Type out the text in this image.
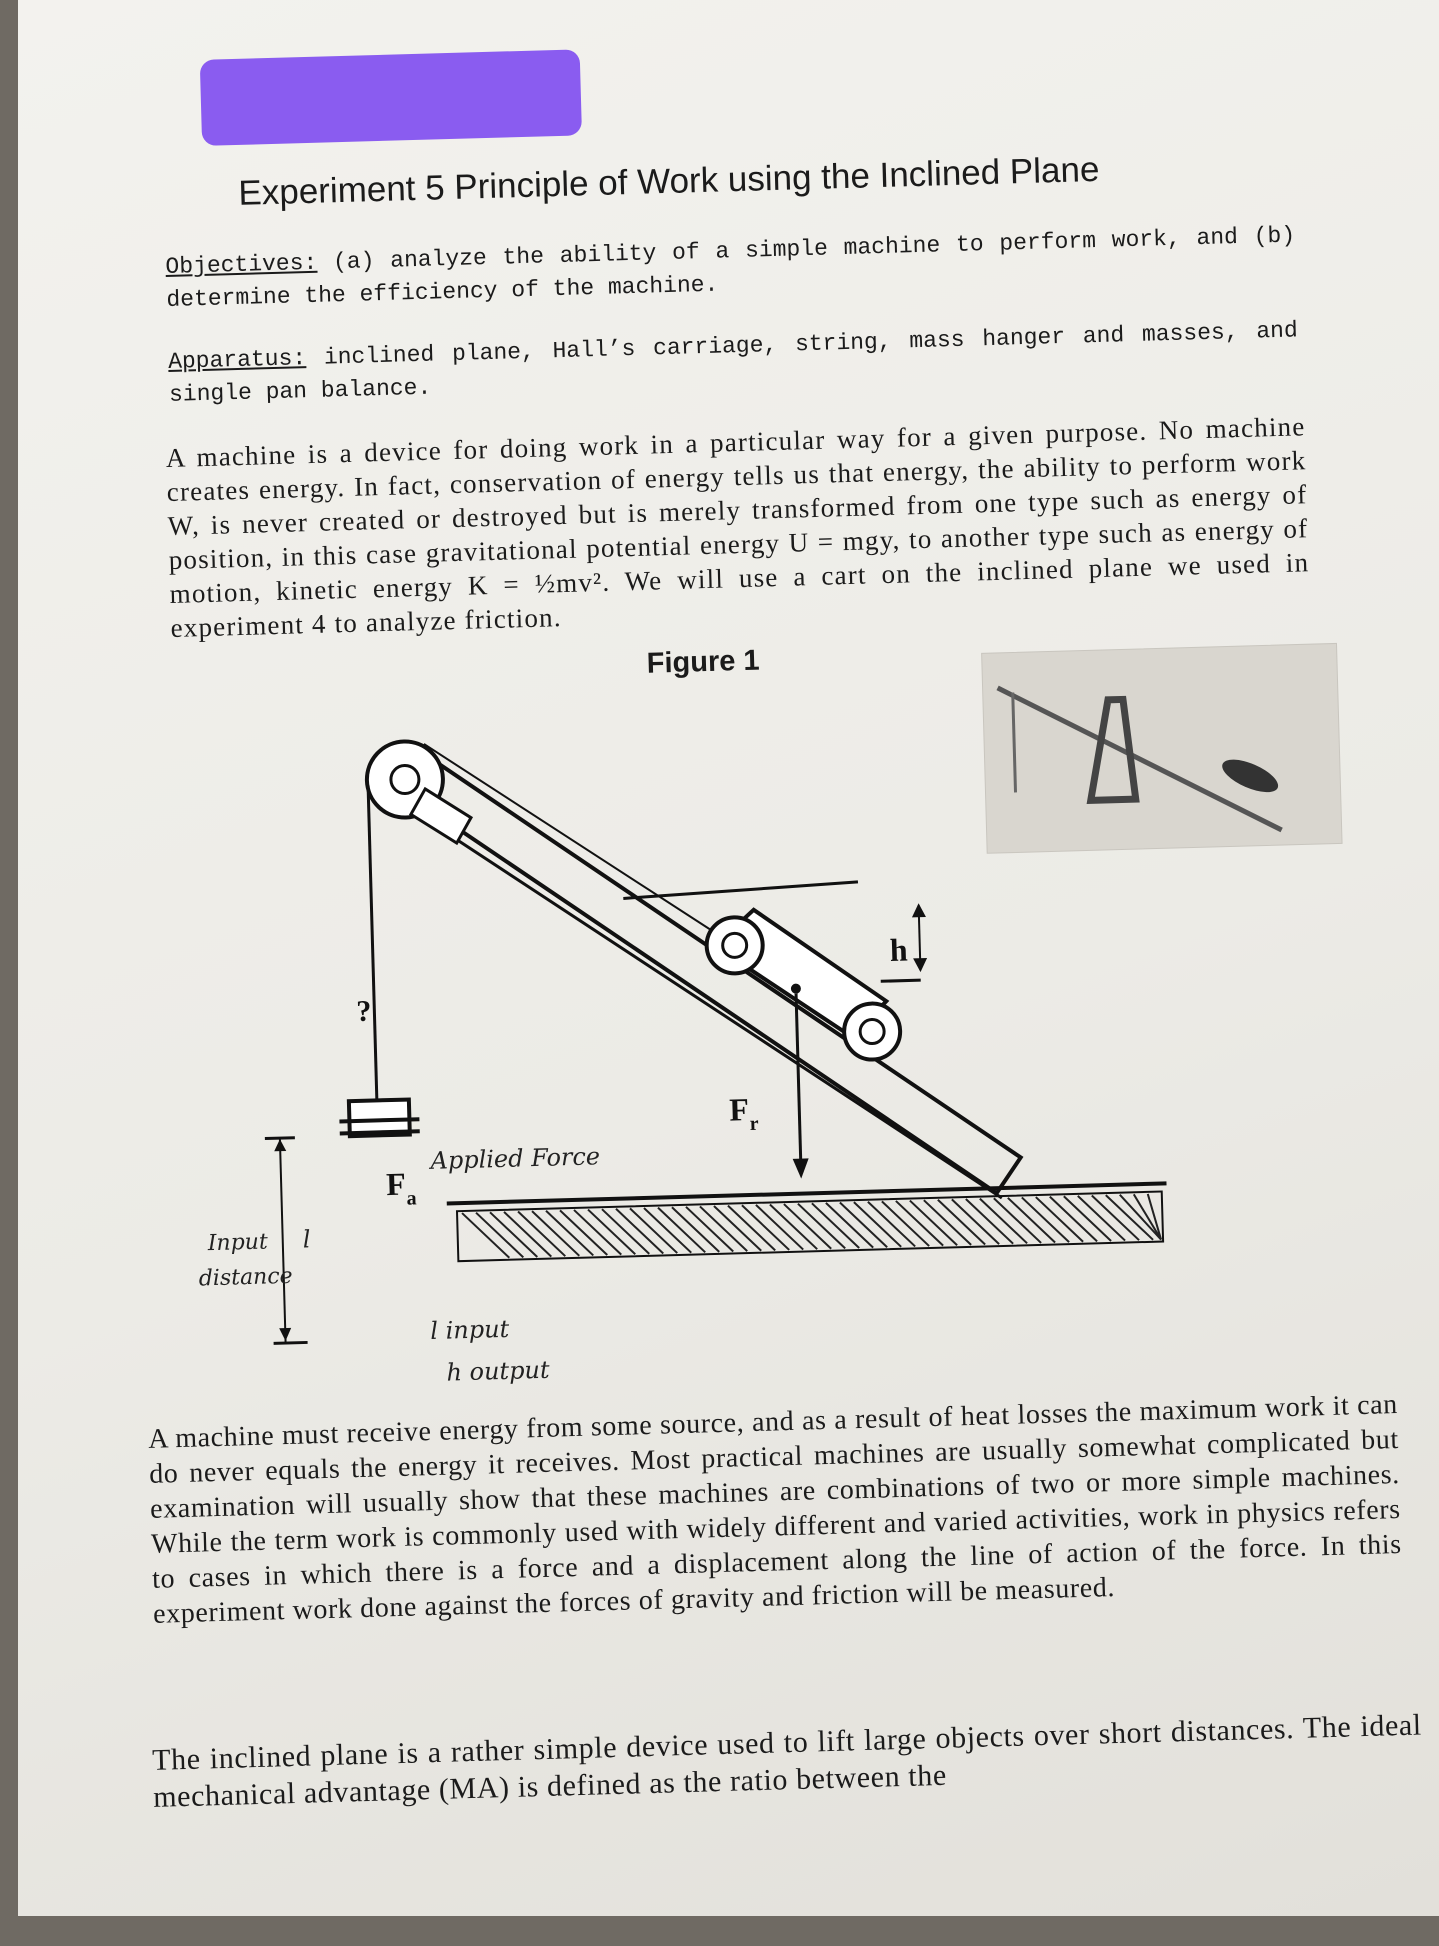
Experiment 5 Principle of Work using the Inclined Plane
Objectives: (a) analyze the ability of a simple machine to perform work, and (b) determine the efficiency of the machine.
Apparatus: inclined plane, Hall’s carriage, string, mass hanger and masses, and single pan balance.
A machine is a device for doing work in a particular way for a given purpose. No machine creates energy. In fact, conservation of energy tells us that energy, the ability to perform work W, is never created or destroyed but is merely transformed from one type such as energy of position, in this case gravitational potential energy U = mgy, to another type such as energy of motion, kinetic energy K = ½mv². We will use a cart on the inclined plane we used in experiment 4 to analyze friction.
Figure 1
?
F a
F r
h
Applied Force
Input
distance
l
l input
h output
A machine must receive energy from some source, and as a result of heat losses the maximum work it can do never equals the energy it receives. Most practical machines are usually somewhat complicated but examination will usually show that these machines are combinations of two or more simple machines. While the term work is commonly used with widely different and varied activities, work in physics refers to cases in which there is a force and a displacement along the line of action of the force. In this experiment work done against the forces of gravity and friction will be measured.
The inclined plane is a rather simple device used to lift large objects over short distances. The ideal mechanical advantage (MA) is defined as the ratio between the
